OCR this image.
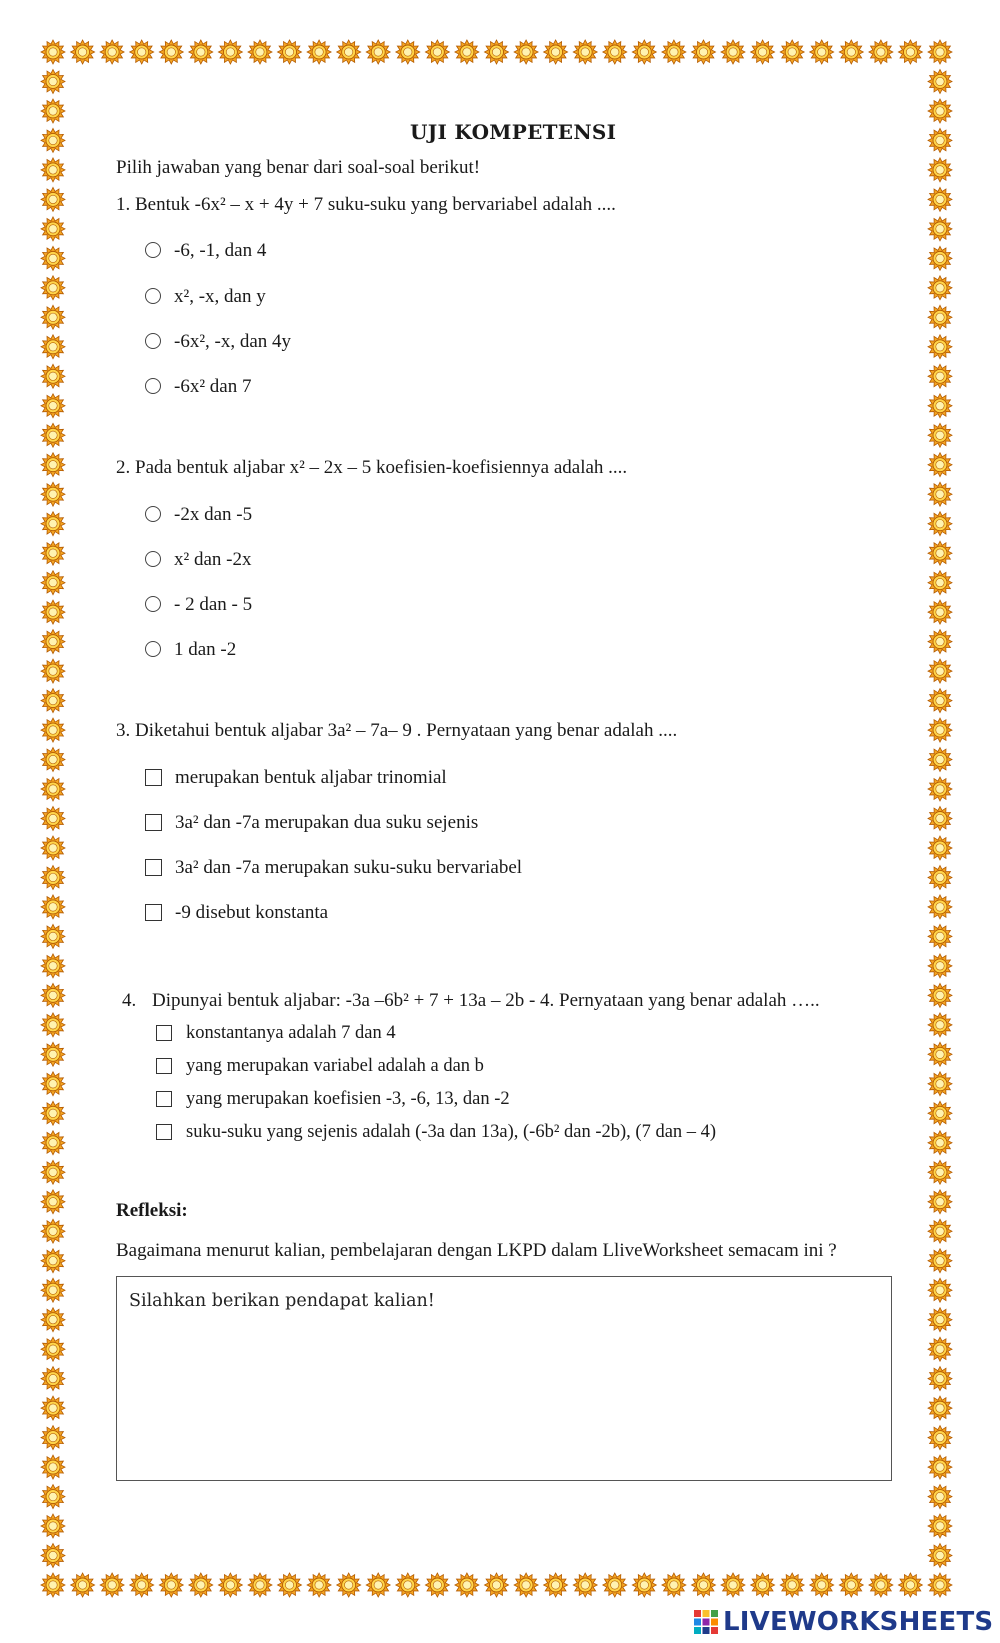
UJI KOMPETENSI
Pilih jawaban yang benar dari soal-soal berikut!
1. Bentuk -6x² – x + 4y + 7 suku-suku yang bervariabel adalah ....
-6, -1, dan 4
x², -x, dan y
-6x², -x, dan 4y
-6x² dan 7
2. Pada bentuk aljabar x² – 2x – 5 koefisien-koefisiennya adalah ....
-2x dan -5
x² dan -2x
- 2 dan - 5
1 dan -2
3. Diketahui bentuk aljabar 3a² – 7a– 9 . Pernyataan yang benar adalah ....
merupakan bentuk aljabar trinomial
3a² dan -7a merupakan dua suku sejenis
3a² dan -7a merupakan suku-suku bervariabel
-9 disebut konstanta
4. Dipunyai bentuk aljabar: -3a –6b² + 7 + 13a – 2b - 4. Pernyataan yang benar adalah …..
konstantanya adalah 7 dan 4
yang merupakan variabel adalah a dan b
yang merupakan koefisien -3, -6, 13, dan -2
suku-suku yang sejenis adalah (-3a dan 13a), (-6b² dan -2b), (7 dan – 4)
Refleksi:
Bagaimana menurut kalian, pembelajaran dengan LKPD dalam LliveWorksheet semacam ini ?
Silahkan berikan pendapat kalian!
LIVEWORKSHEETS
